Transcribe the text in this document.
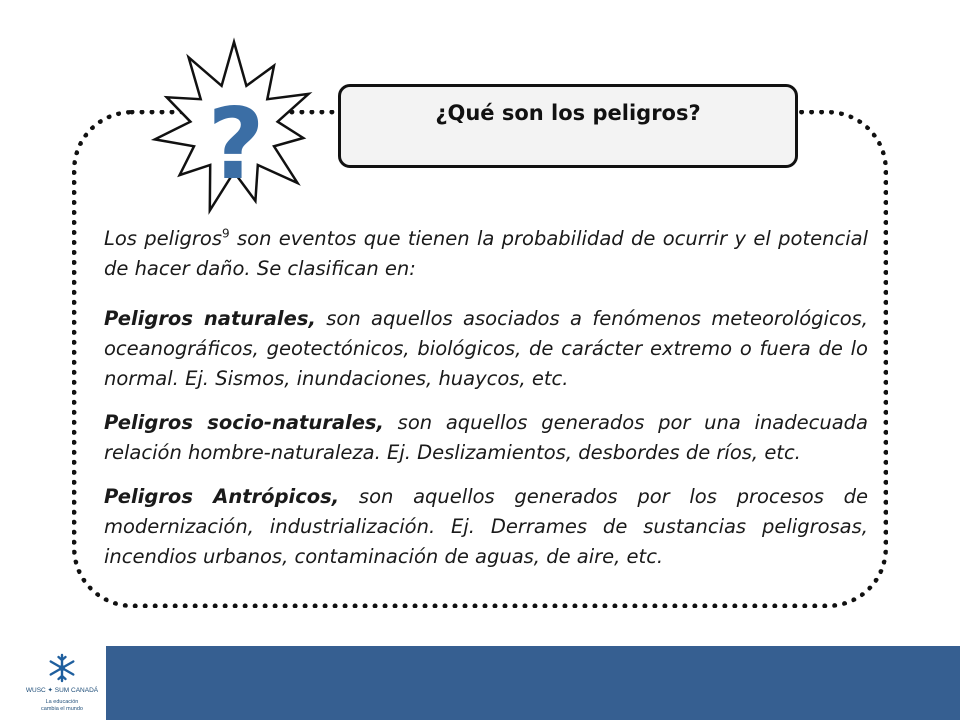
?	¿Qué son los peligros?

Los peligros$^9$ son eventos que tienen la probabilidad de ocurrir y el potencial de hacer daño. Se clasifican en:

Peligros naturales, son aquellos asociados a fenómenos meteorológicos, oceanográficos, geotectónicos, biológicos, de carácter extremo o fuera de lo normal. Ej. Sismos, inundaciones, huaycos, etc.

Peligros socio-naturales, son aquellos generados por una inadecuada relación hombre-naturaleza. Ej. Deslizamientos, desbordes de ríos, etc.

Peligros Antrópicos, son aquellos generados por los procesos de modernización, industrialización. Ej. Derrames de sustancias peligrosas, incendios urbanos, contaminación de aguas, de aire, etc.

WUSC ✦ SUM CANADÁ
La educación
cambia el mundo
